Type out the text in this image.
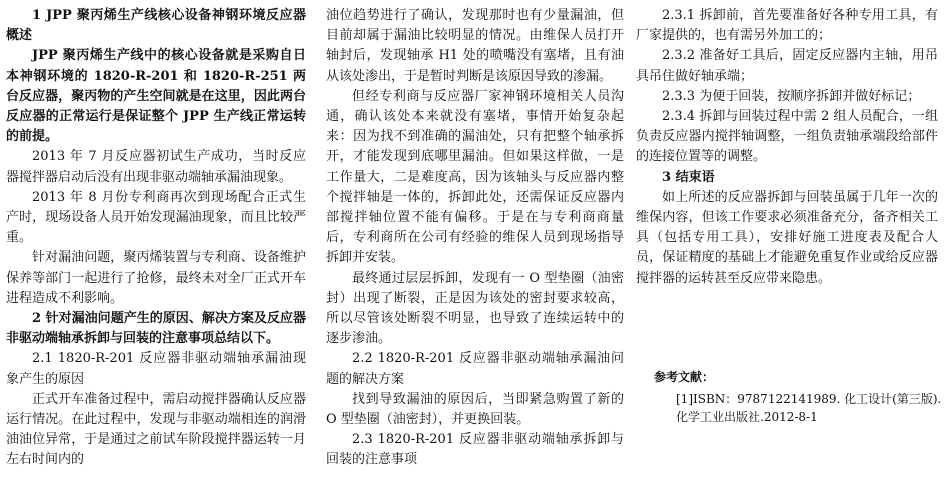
1 JPP 聚丙烯生产线核心设备神钢环境反应器概述

JPP 聚丙烯生产线中的核心设备就是采购自日本神钢环境的 1820-R-201 和 1820-R-251 两台反应器，聚丙物的产生空间就是在这里，因此两台反应器的正常运行是保证整个 JPP 生产线正常运转的前提。

2013 年 7 月反应器初试生产成功，当时反应器搅拌器启动后没有出现非驱动端轴承漏油现象。

2013 年 8 月份专利商再次到现场配合正式生产时，现场设备人员开始发现漏油现象，而且比较严重。

针对漏油问题，聚丙烯装置与专利商、设备维护保养等部门一起进行了抢修，最终未对全厂正式开车进程造成不利影响。

2 针对漏油问题产生的原因、解决方案及反应器非驱动端轴承拆卸与回装的注意事项总结以下。

2.1 1820-R-201 反应器非驱动端轴承漏油现象产生的原因

正式开车准备过程中，需启动搅拌器确认反应器运行情况。在此过程中，发现与非驱动端相连的润滑油油位异常，于是通过之前试车阶段搅拌器运转一月左右时间内的

油位趋势进行了确认，发现那时也有少量漏油，但目前却属于漏油比较明显的情况。由维保人员打开轴封后，发现轴承 H1 处的喷嘴没有塞堵，且有油从该处渗出，于是暂时判断是该原因导致的渗漏。

但经专利商与反应器厂家神钢环境相关人员沟通，确认该处本来就没有塞堵，事情开始复杂起来：因为找不到准确的漏油处，只有把整个轴承拆开，才能发现到底哪里漏油。但如果这样做，一是工作量大，二是难度高，因为该轴头与反应器内整个搅拌轴是一体的，拆卸此处，还需保证反应器内部搅拌轴位置不能有偏移。于是在与专利商商量后，专利商所在公司有经验的维保人员到现场指导拆卸并安装。

最终通过层层拆卸，发现有一 O 型垫圈（油密封）出现了断裂，正是因为该处的密封要求较高，所以尽管该处断裂不明显，也导致了连续运转中的逐步渗油。

2.2 1820-R-201 反应器非驱动端轴承漏油问题的解决方案

找到导致漏油的原因后，当即紧急购置了新的 O 型垫圈（油密封），并更换回装。

2.3 1820-R-201 反应器非驱动端轴承拆卸与回装的注意事项

2.3.1 拆卸前，首先要准备好各种专用工具，有厂家提供的，也有需另外加工的；

2.3.2 准备好工具后，固定反应器内主轴，用吊具吊住做好轴承端；

2.3.3 为便于回装，按顺序拆卸并做好标记；

2.3.4 拆卸与回装过程中需 2 组人员配合，一组负责反应器内搅拌轴调整，一组负责轴承端段给部件的连接位置等的调整。

3 结束语

如上所述的反应器拆卸与回装虽属于几年一次的维保内容，但该工作要求必须准备充分，备齐相关工具（包括专用工具），安排好施工进度表及配合人员，保证精度的基础上才能避免重复作业或给反应器搅拌器的运转甚至反应带来隐患。

参考文献：

[1]ISBN：9787122141989. 化工设计(第三版). 化学工业出版社.2012-8-1
